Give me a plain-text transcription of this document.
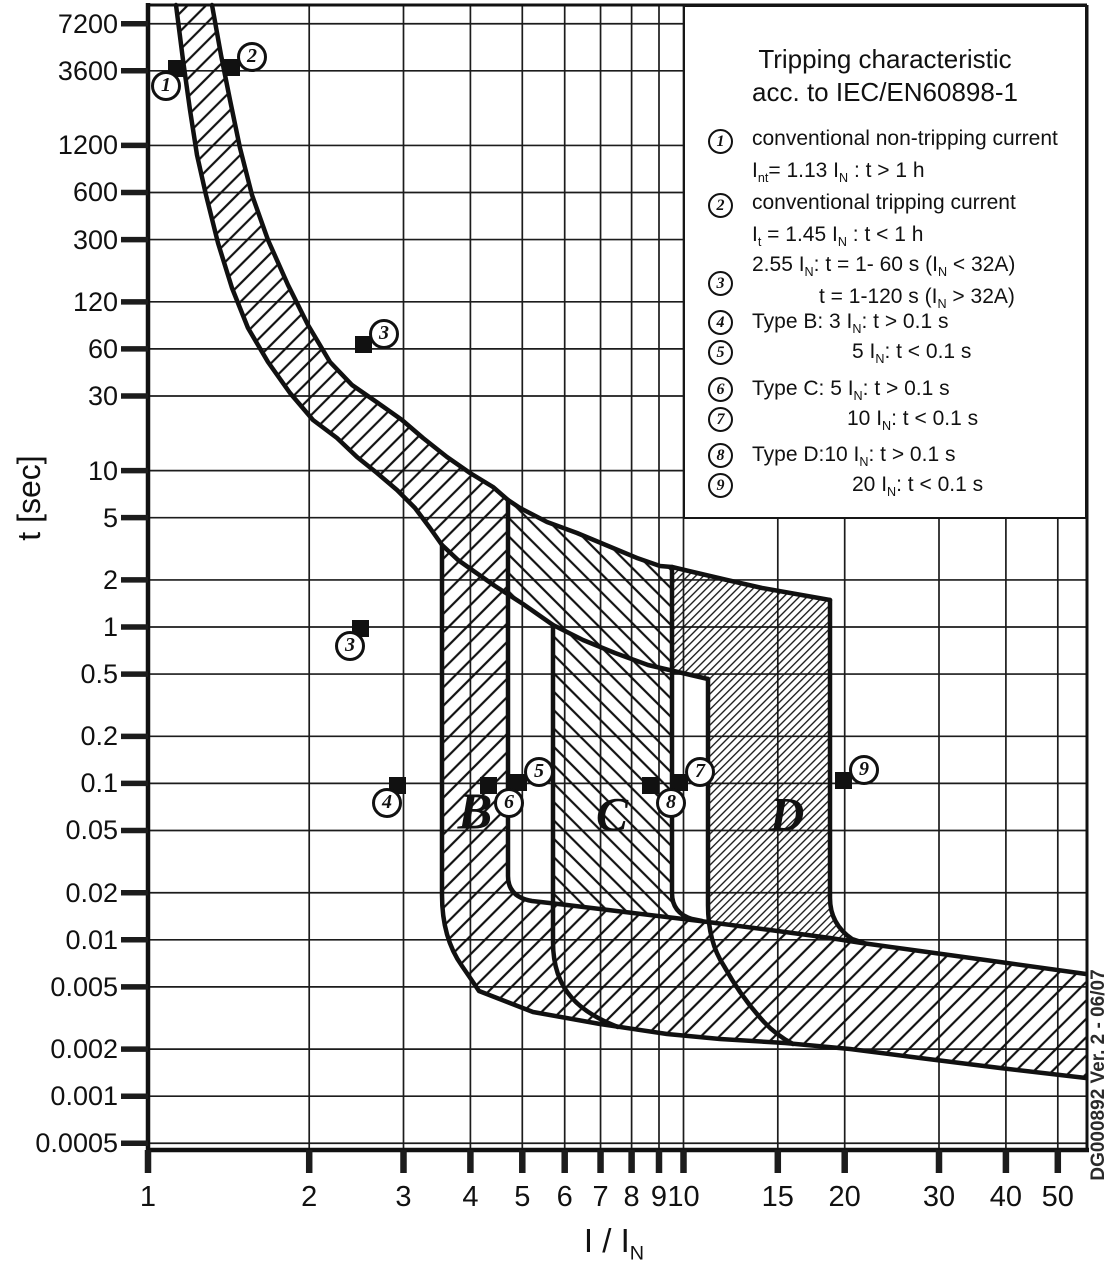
Tripping characteristic
acc. to IEC/EN60898-1
1	conventional non-tripping current
$I_{nt}= 1.13$ $I_N$ : t > 1 h
2	conventional tripping current
$I_t = 1.45$ $I_N$ : t < 1 h
3
2.55 $I_N$: t = 1- 60 s $(I_N < 32A)$
t = 1-120 s $(I_N > 32A)$
4	Type B: 3 $I_N$: t > 0.1 s
5	5 $I_N$: t < 0.1 s
6	Type C: 5 $I_N$: t > 0.1 s
7	10 $I_N$: t < 0.1 s
8	Type D:10 $I_N$: t > 0.1 s
9	20 $I_N$: t < 0.1 s
t [sec]
I / $I_N$
7200
3600
1200
600
300
120
60
30
10
5
2
1
0.5
0.2
0.1
0.05
0.02
0.01
0.005
0.002
0.001
0.0005
1	2	3	4	5 6 7 8 9 10	15	20	30	40 50
1
2
3
3
4
5
6
7
8
9
B C	D
DG000892 Ver. 2 - 06/07
